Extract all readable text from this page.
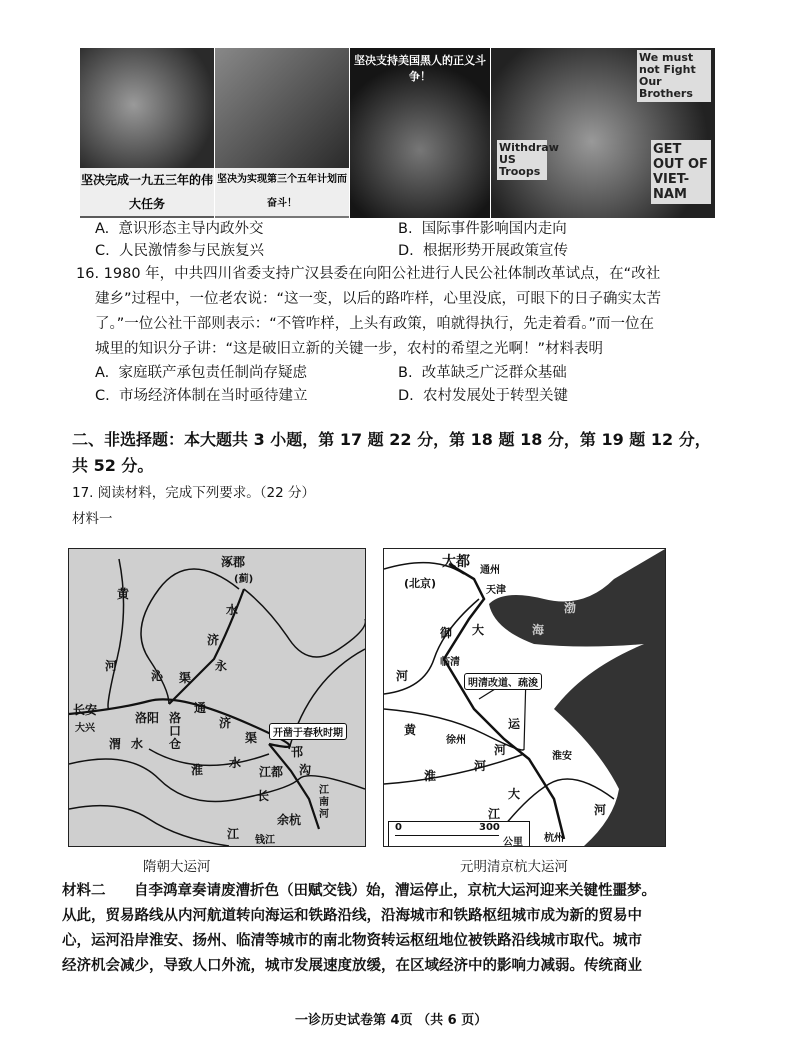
坚决完成一九五三年的伟大任务
坚决为实现第三个五年计划而奋斗！
坚决支持美国黑人的正义斗争！
We must not Fight Our Brothers
Withdraw US Troops
GET OUT OF VIET-NAM
A. 意识形态主导内政外交	B. 国际事件影响国内走向
C. 人民激情参与民族复兴	D. 根据形势开展政策宣传
16. 1980 年，中共四川省委支持广汉县委在向阳公社进行人民公社体制改革试点，在“改社
建乡”过程中，一位老农说：“这一变，以后的路咋样，心里没底，可眼下的日子确实太苦
了。”一位公社干部则表示：“不管咋样，上头有政策，咱就得执行，先走着看。”而一位在
城里的知识分子讲：“这是破旧立新的关键一步，农村的希望之光啊！”材料表明
A. 家庭联产承包责任制尚存疑虑	B. 改革缺乏广泛群众基础
C. 市场经济体制在当时亟待建立	D. 农村发展处于转型关键
二、非选择题：本大题共 3 小题，第 17 题 22 分，第 18 题 18 分，第 19 题 12 分，
共 52 分。
17. 阅读材料，完成下列要求。（22 分）
材料一
涿郡
(蓟)
黄
河
水
济
永
沁 渠
长安
大兴
洛阳 洛口仓
通
济
渠
渭 水
淮 水
江都
邗
沟
长
江
余杭
钱江
开凿于春秋时期
江南河
大都
(北京)
通州
天津
渤
海
御 大
河
临清
明清改道、疏浚
黄
徐州
运
河	淮安
淮
河
大
江	河
杭州
0	300
公里
隋朝大运河	元明清京杭大运河
材料二 自李鸿章奏请废漕折色（田赋交钱）始，漕运停止，京杭大运河迎来关键性噩梦。
从此，贸易路线从内河航道转向海运和铁路沿线，沿海城市和铁路枢纽城市成为新的贸易中
心，运河沿岸淮安、扬州、临清等城市的南北物资转运枢纽地位被铁路沿线城市取代。城市
经济机会减少，导致人口外流，城市发展速度放缓，在区域经济中的影响力减弱。传统商业
一诊历史试卷第 4页 （共 6 页）
